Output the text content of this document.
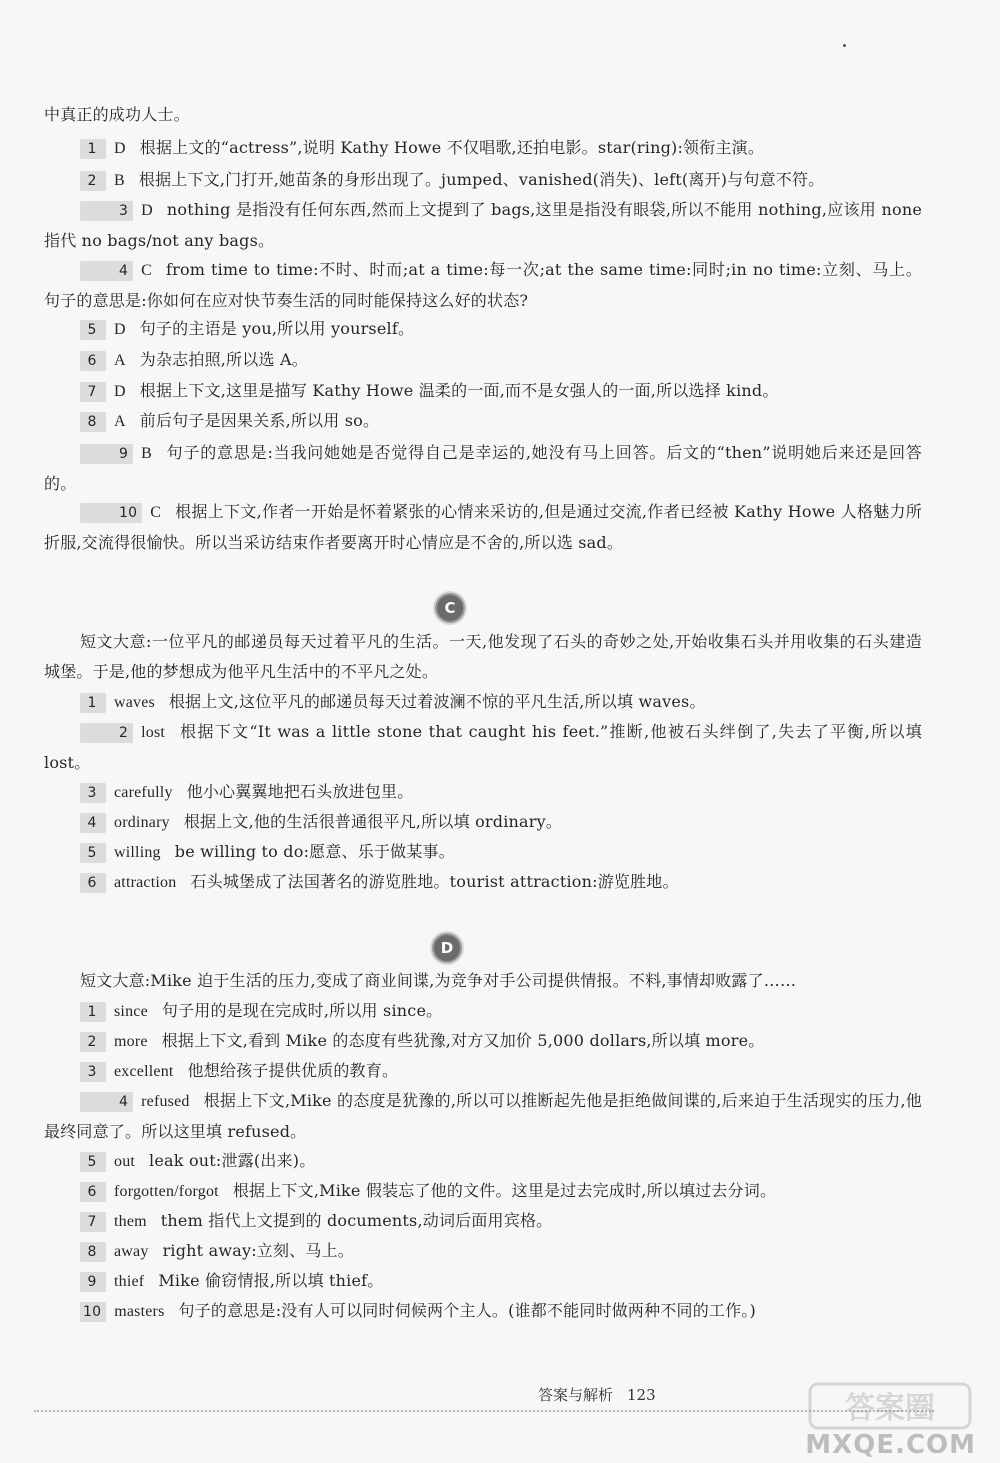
中真正的成功人士。

1 D 根据上文的“actress”,说明 Kathy Howe 不仅唱歌,还拍电影。star(ring):领衔主演。

2 B 根据上下文,门打开,她苗条的身形出现了。jumped、vanished(消失)、left(离开)与句意不符。

3 D nothing 是指没有任何东西,然而上文提到了 bags,这里是指没有眼袋,所以不能用 nothing,应该用 none 指代 no bags/not any bags。

4 C from time to time:不时、时而;at a time:每一次;at the same time:同时;in no time:立刻、马上。句子的意思是:你如何在应对快节奏生活的同时能保持这么好的状态?

5 D 句子的主语是 you,所以用 yourself。

6 A 为杂志拍照,所以选 A。

7 D 根据上下文,这里是描写 Kathy Howe 温柔的一面,而不是女强人的一面,所以选择 kind。

8 A 前后句子是因果关系,所以用 so。

9 B 句子的意思是:当我问她她是否觉得自己是幸运的,她没有马上回答。后文的“then”说明她后来还是回答的。

10 C 根据上下文,作者一开始是怀着紧张的心情来采访的,但是通过交流,作者已经被 Kathy Howe 人格魅力所折服,交流得很愉快。所以当采访结束作者要离开时心情应是不舍的,所以选 sad。

C

短文大意:一位平凡的邮递员每天过着平凡的生活。一天,他发现了石头的奇妙之处,开始收集石头并用收集的石头建造城堡。于是,他的梦想成为他平凡生活中的不平凡之处。

1 waves 根据上文,这位平凡的邮递员每天过着波澜不惊的平凡生活,所以填 waves。

2 lost 根据下文“It was a little stone that caught his feet.”推断,他被石头绊倒了,失去了平衡,所以填 lost。

3 carefully 他小心翼翼地把石头放进包里。

4 ordinary 根据上文,他的生活很普通很平凡,所以填 ordinary。

5 willing be willing to do:愿意、乐于做某事。

6 attraction 石头城堡成了法国著名的游览胜地。tourist attraction:游览胜地。

D

短文大意:Mike 迫于生活的压力,变成了商业间谍,为竞争对手公司提供情报。不料,事情却败露了……

1 since 句子用的是现在完成时,所以用 since。

2 more 根据上下文,看到 Mike 的态度有些犹豫,对方又加价 5,000 dollars,所以填 more。

3 excellent 他想给孩子提供优质的教育。

4 refused 根据上下文,Mike 的态度是犹豫的,所以可以推断起先他是拒绝做间谍的,后来迫于生活现实的压力,他最终同意了。所以这里填 refused。

5 out leak out:泄露(出来)。

6 forgotten/forgot 根据上下文,Mike 假装忘了他的文件。这里是过去完成时,所以填过去分词。

7 them them 指代上文提到的 documents,动词后面用宾格。

8 away right away:立刻、马上。

9 thief Mike 偷窃情报,所以填 thief。

10 masters 句子的意思是:没有人可以同时伺候两个主人。(谁都不能同时做两种不同的工作。)

答案与解析 123	答案圈
MXQE.COM
